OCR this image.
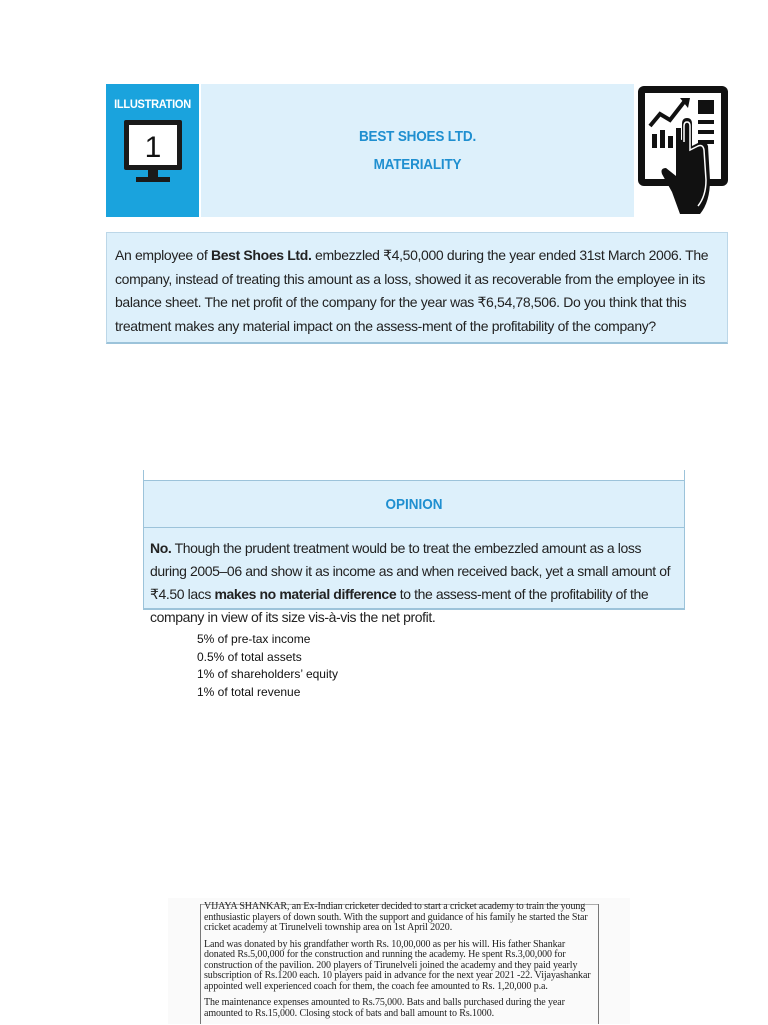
ILLUSTRATION
1	BEST SHOES LTD.
MATERIALITY

An employee of Best Shoes Ltd. embezzled ₹4,50,000 during the year ended 31st March 2006. The company, instead of treating this amount as a loss, showed it as recoverable from the employee in its balance sheet. The net profit of the company for the year was ₹6,54,78,506. Do you think that this treatment makes any material impact on the assess-ment of the profitability of the company?

OPINION

No. Though the prudent treatment would be to treat the embezzled amount as a loss during 2005–06 and show it as income as and when received back, yet a small amount of ₹4.50 lacs makes no material difference to the assess-ment of the profitability of the company in view of its size vis-à-vis the net profit.

5% of pre-tax income
0.5% of total assets
1% of shareholders’ equity
1% of total revenue

VIJAYA SHANKAR, an Ex-Indian cricketer decided to start a cricket academy to train the young enthusiastic players of down south. With the support and guidance of his family he started the Star cricket academy at Tirunelveli township area on 1st April 2020.

Land was donated by his grandfather worth Rs. 10,00,000 as per his will. His father Shankar donated Rs.5,00,000 for the construction and running the academy. He spent Rs.3,00,000 for construction of the pavilion. 200 players of Tirunelveli joined the academy and they paid yearly subscription of Rs.1200 each. 10 players paid in advance for the next year 2021 -22. Vijayashankar appointed well experienced coach for them, the coach fee amounted to Rs. 1,20,000 p.a.

The maintenance expenses amounted to Rs.75,000. Bats and balls purchased during the year amounted to Rs.15,000. Closing stock of bats and ball amount to Rs.1000.
